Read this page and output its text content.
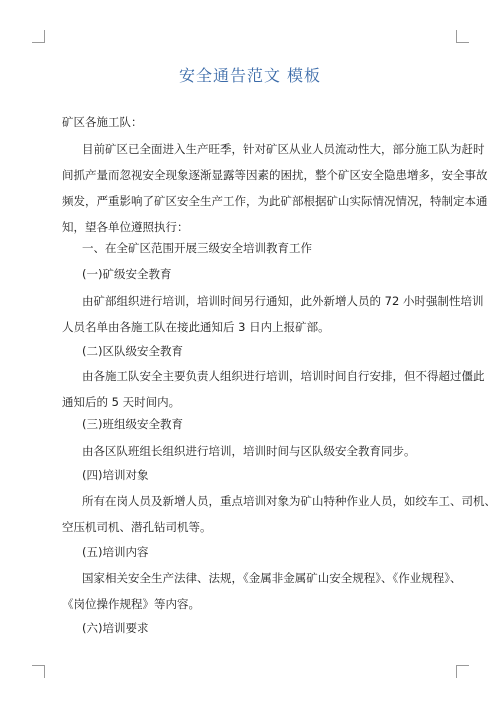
安全通告范文 模板
矿区各施工队：
目前矿区已全面进入生产旺季，针对矿区从业人员流动性大，部分施工队为赶时
间抓产量而忽视安全现象逐渐显露等因素的困扰，整个矿区安全隐患增多，安全事故
频发，严重影响了矿区安全生产工作，为此矿部根据矿山实际情况情况，特制定本通
知，望各单位遵照执行：
一、在全矿区范围开展三级安全培训教育工作
(一)矿级安全教育
由矿部组织进行培训，培训时间另行通知，此外新增人员的 72 小时强制性培训
人员名单由各施工队在接此通知后 3 日内上报矿部。
(二)区队级安全教育
由各施工队安全主要负责人组织进行培训，培训时间自行安排，但不得超过僵此
通知后的 5 天时间内。
(三)班组级安全教育
由各区队班组长组织进行培训，培训时间与区队级安全教育同步。
(四)培训对象
所有在岗人员及新增人员，重点培训对象为矿山特种作业人员，如绞车工、司机、
空压机司机、潜孔钻司机等。
(五)培训内容
国家相关安全生产法律、法规，《金属非金属矿山安全规程》、《作业规程》、
《岗位操作规程》等内容。
(六)培训要求
